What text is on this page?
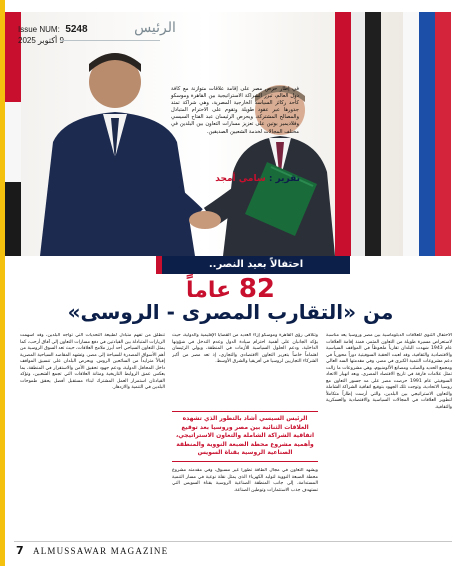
Issue NUM: 5248
أكتوبر 2025
الرئيس
في إطار حرص مصر على إقامة علاقات متوازنة مع كافة دول العالم، تبرز الشراكة الاستراتيجية بين القاهرة وموسكو كأحد ركائز السياسة الخارجية المصرية، وهي شراكة تمتد جذورها عبر عقود طويلة وتقوم على الاحترام المتبادل والمصالح المشتركة، ويحرص الرئيسان عبد الفتاح السيسي وفلاديمير بوتين على تعزيز مسارات التعاون بين البلدين في مختلف المجالات لخدمة الشعبين الصديقين.
تقرير : سامي أمجد
احتفالاً بعيد النصر..
82 عاماً
من «التقارب المصرى - الروسى»
الاحتفال الثنوي للعلاقات الدبلوماسية بين مصر وروسيا يعد مناسبة لاستعراض مسيرة طويلة من التعاون المثمر، فمنذ إقامة العلاقات عام 1943 شهدت البلدان تقارباً ملحوظاً في المواقف السياسية والاقتصادية والثقافية، وقد لعبت الحقبة السوفيتية دوراً محورياً في دعم مشروعات التنمية الكبرى في مصر، وفي مقدمتها السد العالي ومجمع الحديد والصلب ومصانع الألومنيوم، وهي مشروعات ما زالت تمثل علامات فارقة في تاريخ الاقتصاد المصري. وبعد انهيار الاتحاد السوفيتي عام 1991 حرصت مصر على مد جسور التعاون مع روسيا الاتحادية، وتوجت تلك الجهود بتوقيع اتفاقية الشراكة الشاملة والتعاون الاستراتيجي بين البلدين، والتي أرست إطاراً متكاملاً لتطوير العلاقات في المجالات السياسية والاقتصادية والعسكرية والثقافية.
وتتلاقى رؤى القاهرة وموسكو إزاء العديد من القضايا الإقليمية والدولية، حيث يؤكد الجانبان على أهمية احترام سيادة الدول وعدم التدخل في شؤونها الداخلية، ودعم الحلول السياسية للأزمات في المنطقة، ويولي الرئيسان اهتماماً خاصاً بتعزيز التعاون الاقتصادي والتجاري، إذ تعد مصر من أكبر الشركاء التجاريين لروسيا في أفريقيا والشرق الأوسط.
الرئيس السيسي أشاد بالتطور الذي تشهده العلاقات الثنائية بين مصر وروسيا بعد توقيع اتفاقية الشراكة الشاملة والتعاون الاستراتيجي، وأهمية مشروع محطة الضبعة النووية والمنطقة الصناعية الروسية بقناة السويس
ويشهد التعاون في مجال الطاقة تطوراً غير مسبوق، وفي مقدمته مشروع محطة الضبعة النووية لتوليد الكهرباء الذي يمثل نقلة نوعية في مسار التنمية المستدامة، إلى جانب المنطقة الصناعية الروسية بقناة السويس التي تستهدف جذب الاستثمارات وتوطين الصناعة.
تنطلق من تفهم متبادل لطبيعة التحديات التي تواجه البلدين، وقد أسهمت الزيارات المتبادلة بين القيادتين في دفع مسارات التعاون إلى آفاق أرحب، كما يمثل التعاون السياحي أحد أبرز ملامح العلاقات، حيث تعد السوق الروسية من أهم الأسواق المصدرة للسياحة إلى مصر، وتشهد المقاصد السياحية المصرية إقبالاً متزايداً من السائحين الروس. ويحرص البلدان على تنسيق المواقف داخل المحافل الدولية، ودعم جهود تحقيق الأمن والاستقرار في المنطقة، بما يعكس عمق الروابط التاريخية ومتانة العلاقات التي تجمع الشعبين، وتؤكد القيادتان استمرار العمل المشترك لبناء مستقبل أفضل يحقق طموحات البلدين في التنمية والازدهار.
7 ALMUSSAWAR MAGAZINE
